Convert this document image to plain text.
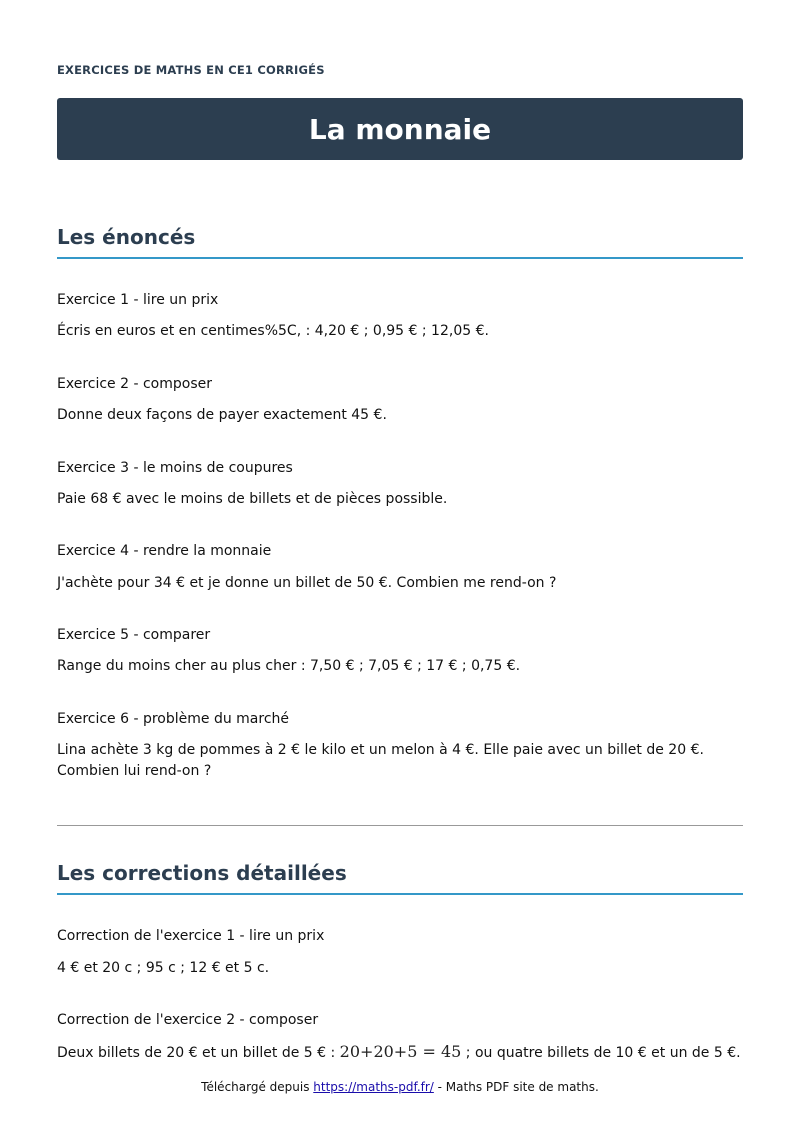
EXERCICES DE MATHS EN CE1 CORRIGÉS
La monnaie
Les énoncés

Exercice 1 - lire un prix

Écris en euros et en centimes%5C, : 4,20 € ; 0,95 € ; 12,05 €.

Exercice 2 - composer

Donne deux façons de payer exactement 45 €.

Exercice 3 - le moins de coupures

Paie 68 € avec le moins de billets et de pièces possible.

Exercice 4 - rendre la monnaie

J'achète pour 34 € et je donne un billet de 50 €. Combien me rend-on ?

Exercice 5 - comparer

Range du moins cher au plus cher : 7,50 € ; 7,05 € ; 17 € ; 0,75 €.

Exercice 6 - problème du marché

Lina achète 3 kg de pommes à 2 € le kilo et un melon à 4 €. Elle paie avec un billet de 20 €. Combien lui rend-on ?

Les corrections détaillées

Correction de l'exercice 1 - lire un prix

4 € et 20 c ; 95 c ; 12 € et 5 c.

Correction de l'exercice 2 - composer

Deux billets de 20 € et un billet de 5 € : 20+20+5 = 45 ; ou quatre billets de 10 € et un de 5 €.

Téléchargé depuis https://maths-pdf.fr/ - Maths PDF site de maths.
